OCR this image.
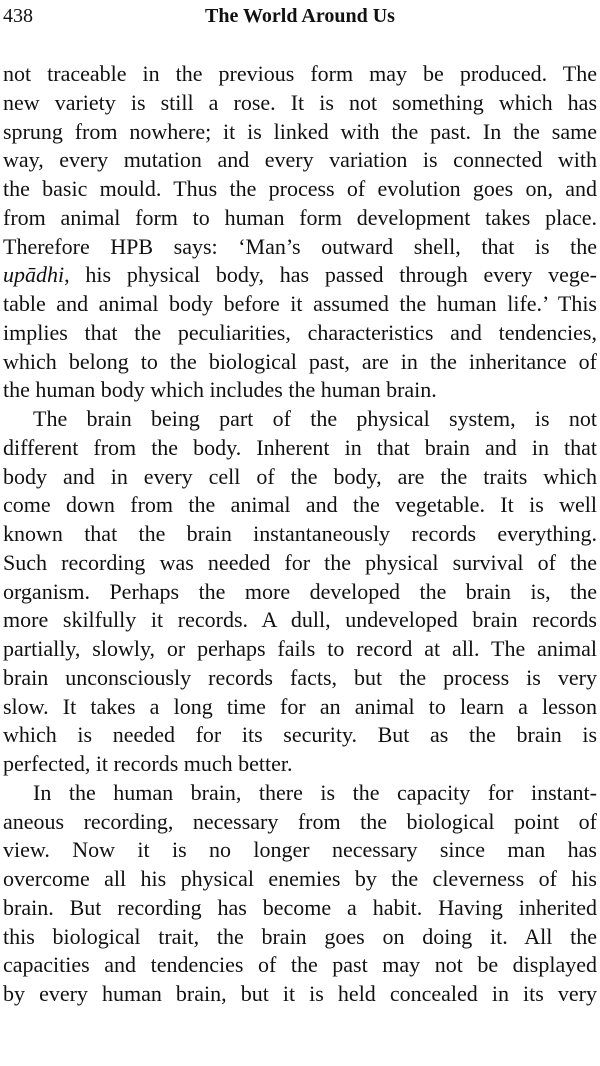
438	The World Around Us
not traceable in the previous form may be produced. The
new variety is still a rose. It is not something which has
sprung from nowhere; it is linked with the past. In the same
way, every mutation and every variation is connected with
the basic mould. Thus the process of evolution goes on, and
from animal form to human form development takes place.
Therefore HPB says: ‘Man’s outward shell, that is the
upādhi, his physical body, has passed through every vege-
table and animal body before it assumed the human life.’ This
implies that the peculiarities, characteristics and tendencies,
which belong to the biological past, are in the inheritance of
the human body which includes the human brain.
The brain being part of the physical system, is not
different from the body. Inherent in that brain and in that
body and in every cell of the body, are the traits which
come down from the animal and the vegetable. It is well
known that the brain instantaneously records everything.
Such recording was needed for the physical survival of the
organism. Perhaps the more developed the brain is, the
more skilfully it records. A dull, undeveloped brain records
partially, slowly, or perhaps fails to record at all. The animal
brain unconsciously records facts, but the process is very
slow. It takes a long time for an animal to learn a lesson
which is needed for its security. But as the brain is
perfected, it records much better.
In the human brain, there is the capacity for instant-
aneous recording, necessary from the biological point of
view. Now it is no longer necessary since man has
overcome all his physical enemies by the cleverness of his
brain. But recording has become a habit. Having inherited
this biological trait, the brain goes on doing it. All the
capacities and tendencies of the past may not be displayed
by every human brain, but it is held concealed in its very
